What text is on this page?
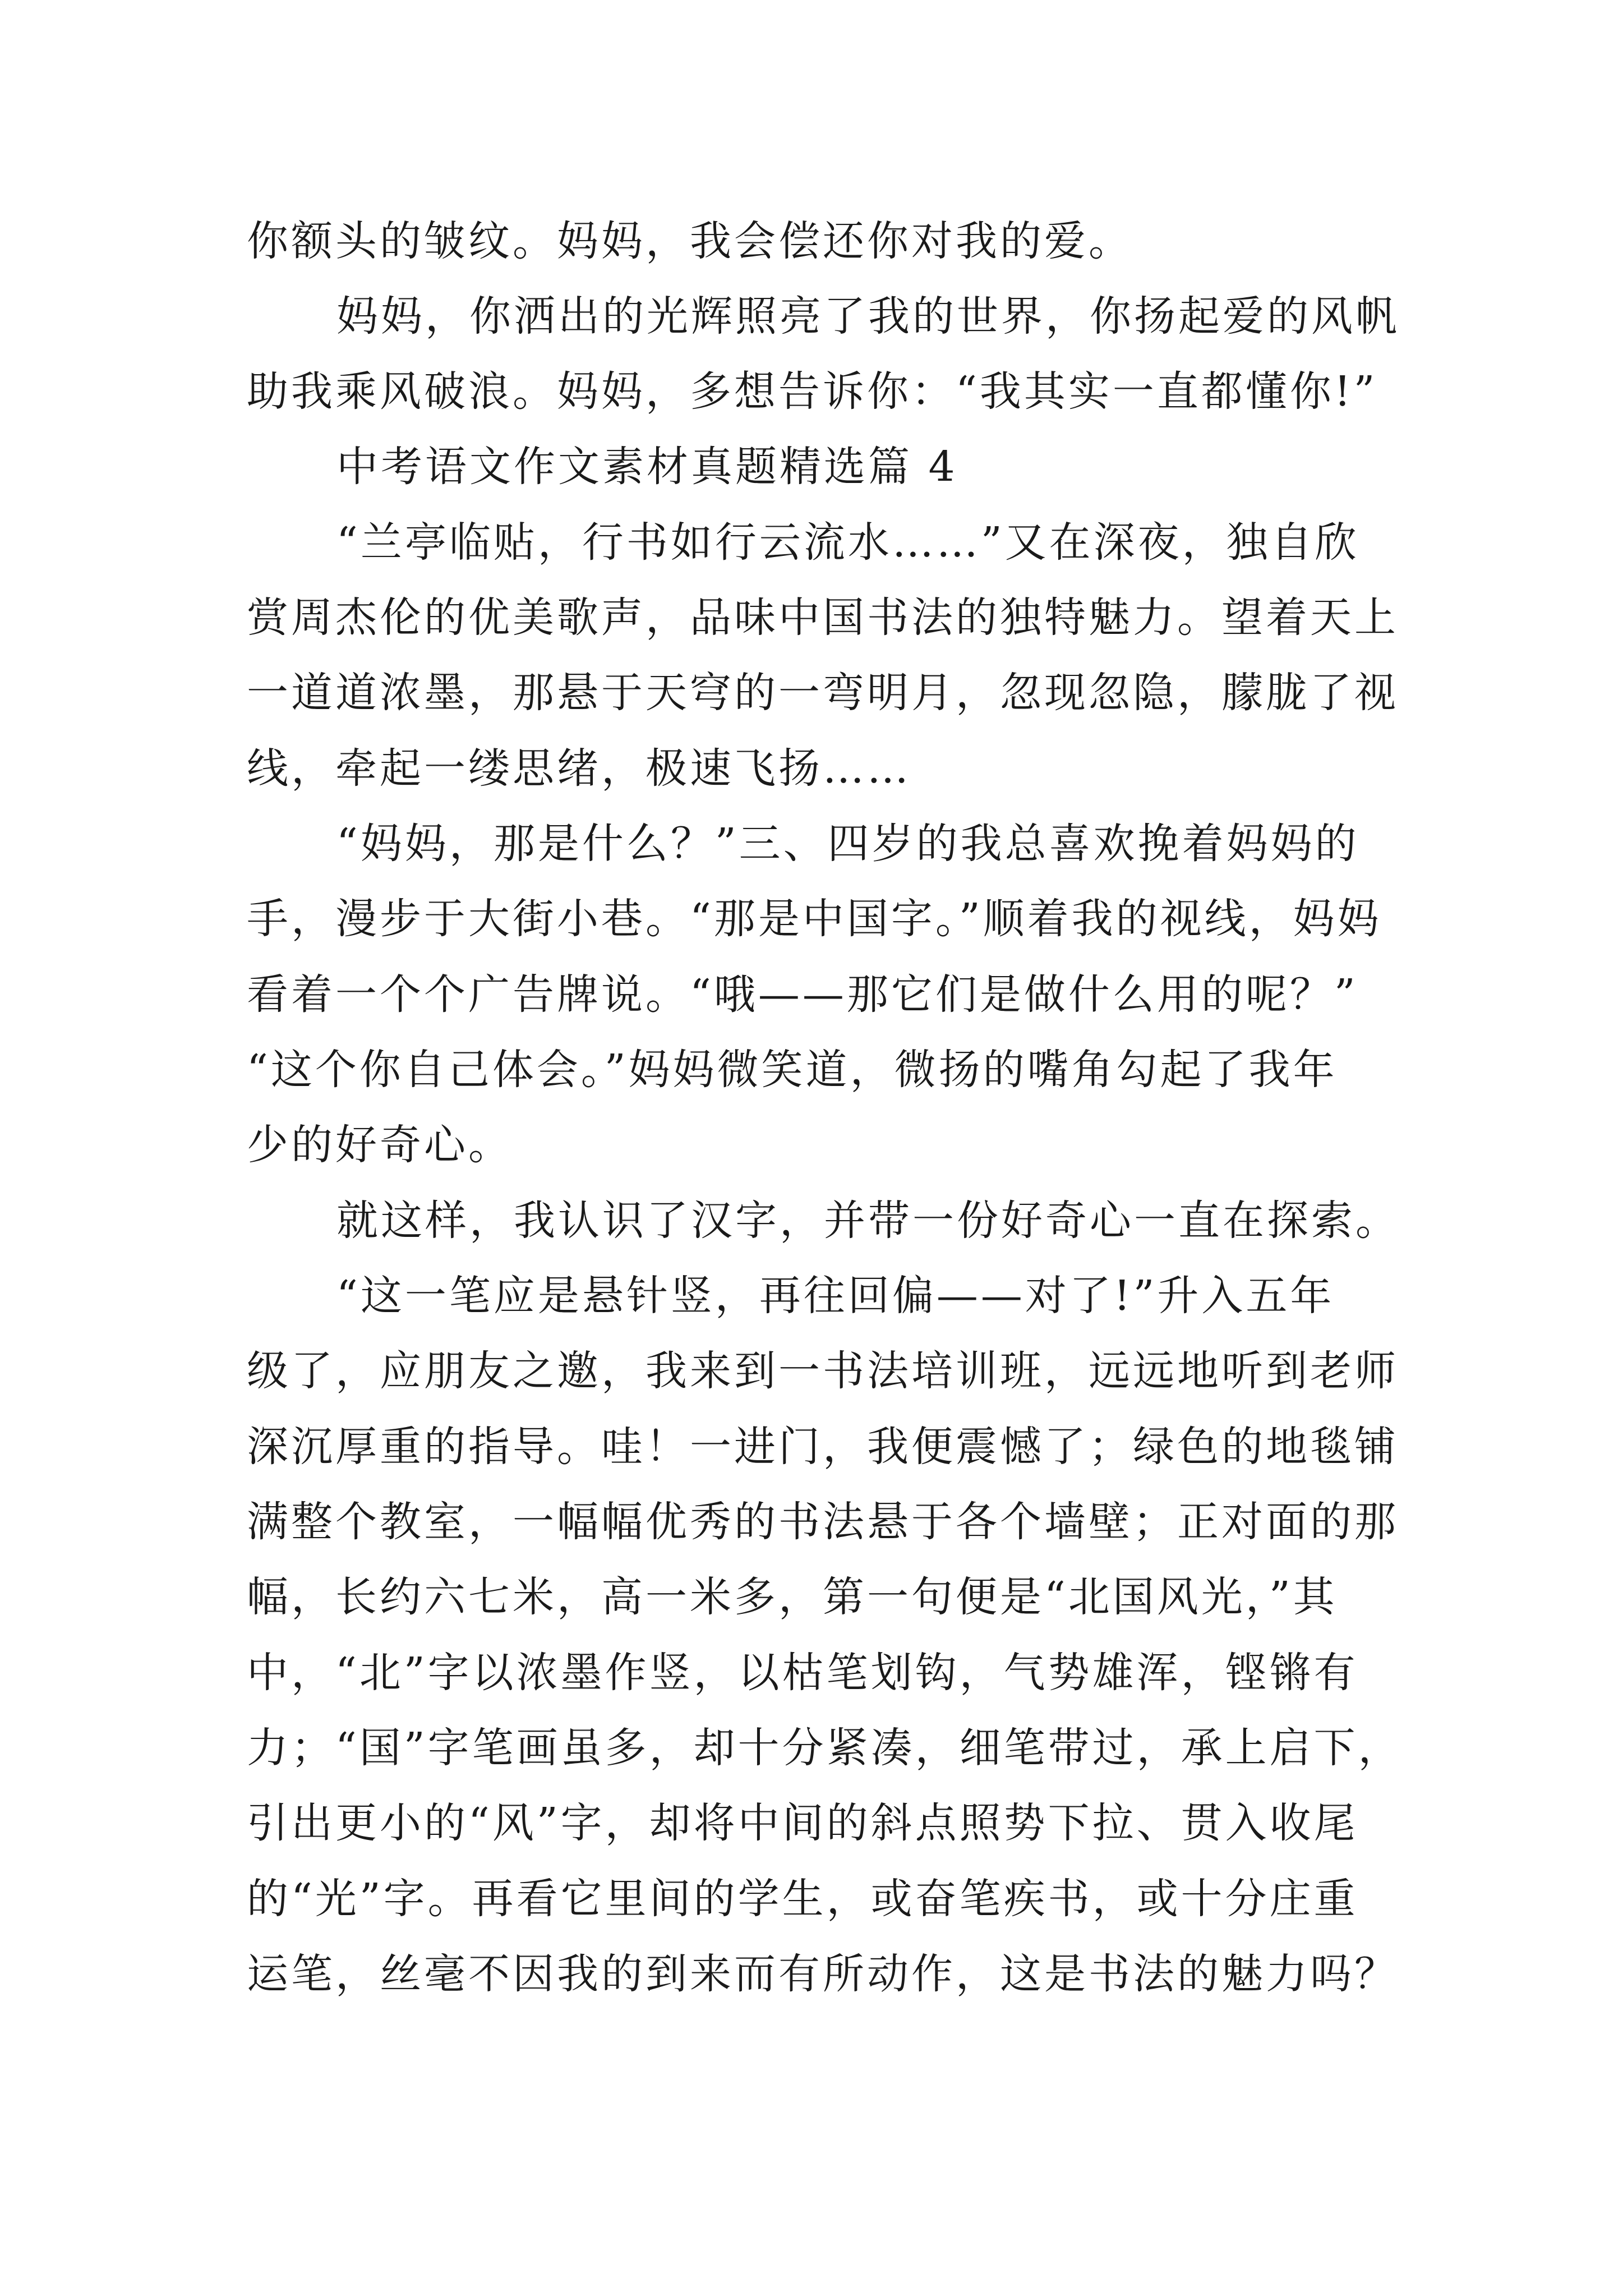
你额头的皱纹。妈妈，我会偿还你对我的爱。
妈妈，你洒出的光辉照亮了我的世界，你扬起爱的风帆
助我乘风破浪。妈妈，多想告诉你：“我其实一直都懂你!”
中考语文作文素材真题精选篇 4
“兰亭临贴，行书如行云流水……”又在深夜，独自欣
赏周杰伦的优美歌声，品味中国书法的独特魅力。望着天上
一道道浓墨，那悬于天穹的一弯明月，忽现忽隐，朦胧了视
线，牵起一缕思绪，极速飞扬……
“妈妈，那是什么？”三、四岁的我总喜欢挽着妈妈的
手，漫步于大街小巷。“那是中国字。”顺着我的视线，妈妈
看着一个个广告牌说。“哦——那它们是做什么用的呢？”
“这个你自己体会。”妈妈微笑道，微扬的嘴角勾起了我年
少的好奇心。
就这样，我认识了汉字，并带一份好奇心一直在探索。
“这一笔应是悬针竖，再往回偏——对了!”升入五年
级了，应朋友之邀，我来到一书法培训班，远远地听到老师
深沉厚重的指导。哇！一进门，我便震憾了；绿色的地毯铺
满整个教室，一幅幅优秀的书法悬于各个墙壁；正对面的那
幅，长约六七米，高一米多，第一句便是“北国风光，”其
中，“北”字以浓墨作竖，以枯笔划钩，气势雄浑，铿锵有
力；“国”字笔画虽多，却十分紧凑，细笔带过，承上启下，
引出更小的“风”字，却将中间的斜点照势下拉、贯入收尾
的“光”字。再看它里间的学生，或奋笔疾书，或十分庄重
运笔，丝毫不因我的到来而有所动作，这是书法的魅力吗？
